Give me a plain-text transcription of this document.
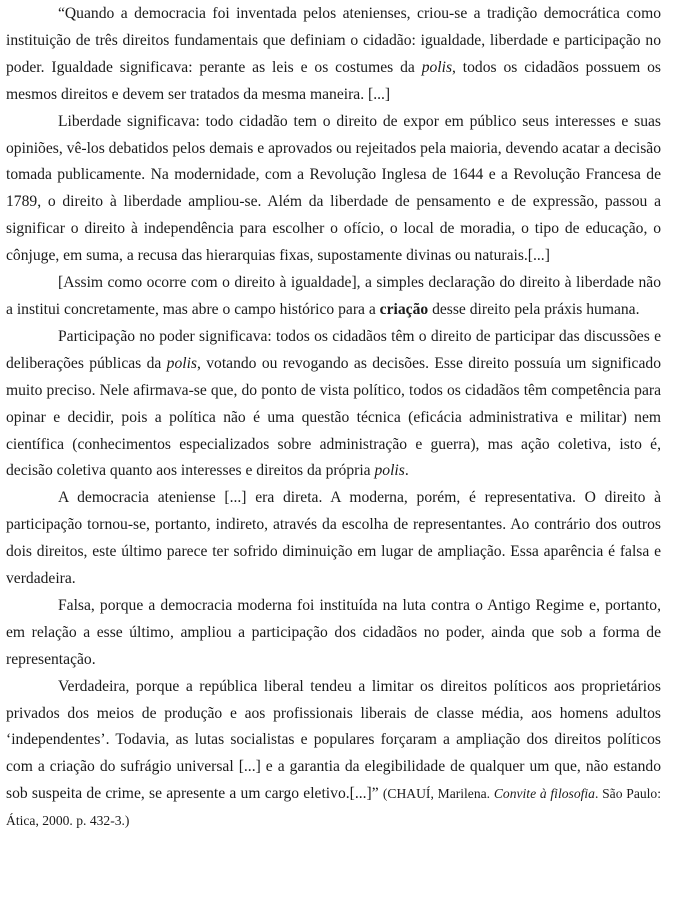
“Quando a democracia foi inventada pelos atenienses, criou-se a tradição democrática como instituição de três direitos fundamentais que definiam o cidadão: igualdade, liberdade e participação no poder. Igualdade significava: perante as leis e os costumes da polis, todos os cidadãos possuem os mesmos direitos e devem ser tratados da mesma maneira. [...]

Liberdade significava: todo cidadão tem o direito de expor em público seus interesses e suas opiniões, vê-los debatidos pelos demais e aprovados ou rejeitados pela maioria, devendo acatar a decisão tomada publicamente. Na modernidade, com a Revolução Inglesa de 1644 e a Revolução Francesa de 1789, o direito à liberdade ampliou-se. Além da liberdade de pensamento e de expressão, passou a significar o direito à independência para escolher o ofício, o local de moradia, o tipo de educação, o cônjuge, em suma, a recusa das hierarquias fixas, supostamente divinas ou naturais.[...]

[Assim como ocorre com o direito à igualdade], a simples declaração do direito à liberdade não a institui concretamente, mas abre o campo histórico para a criação desse direito pela práxis humana.

Participação no poder significava: todos os cidadãos têm o direito de participar das discussões e deliberações públicas da polis, votando ou revogando as decisões. Esse direito possuía um significado muito preciso. Nele afirmava-se que, do ponto de vista político, todos os cidadãos têm competência para opinar e decidir, pois a política não é uma questão técnica (eficácia administrativa e militar) nem científica (conhecimentos especializados sobre administração e guerra), mas ação coletiva, isto é, decisão coletiva quanto aos interesses e direitos da própria polis.

A democracia ateniense [...] era direta. A moderna, porém, é representativa. O direito à participação tornou-se, portanto, indireto, através da escolha de representantes. Ao contrário dos outros dois direitos, este último parece ter sofrido diminuição em lugar de ampliação. Essa aparência é falsa e verdadeira.

Falsa, porque a democracia moderna foi instituída na luta contra o Antigo Regime e, portanto, em relação a esse último, ampliou a participação dos cidadãos no poder, ainda que sob a forma de representação.

Verdadeira, porque a república liberal tendeu a limitar os direitos políticos aos proprietários privados dos meios de produção e aos profissionais liberais de classe média, aos homens adultos ‘independentes’. Todavia, as lutas socialistas e populares forçaram a ampliação dos direitos políticos com a criação do sufrágio universal [...] e a garantia da elegibilidade de qualquer um que, não estando sob suspeita de crime, se apresente a um cargo eletivo.[...]” (CHAUÍ, Marilena. Convite à filosofia. São Paulo: Ática, 2000. p. 432-3.)
